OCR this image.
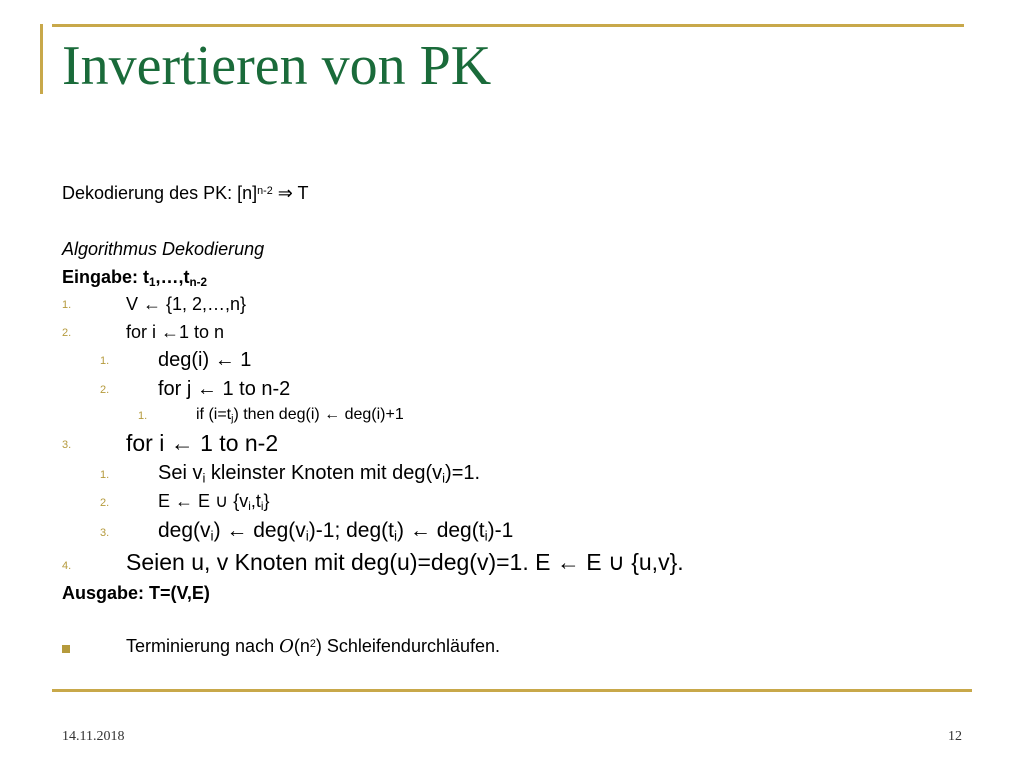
Invertieren von PK
Dekodierung des PK: $[n]^{n-2}$ ⇒ T
Algorithmus Dekodierung
Eingabe: $t_1,\dots,t_{n-2}$
1.	V ← {1, 2,…,n}
2.	for i ←1 to n
1. deg(i) ← 1
2. for j ← 1 to n-2
1.	if $(i=t_j)$ then deg(i) ← deg(i)+1
3. for i ← 1 to n-2
1. Sei $v_i$ kleinster Knoten mit $deg(v_i)=1$.
2.	E ← E ∪ $\{v_i,t_i\}$
3. $deg(v_i)$ ← $deg(v_i)-1$; $deg(t_i)$ ← $deg(t_i)-1$
4. Seien u, v Knoten mit deg(u)=deg(v)=1. E ← E ∪ {u,v}.
Ausgabe: T=(V,E)
Terminierung nach $O(n^2)$ Schleifendurchläufen.
14.11.2018	12
